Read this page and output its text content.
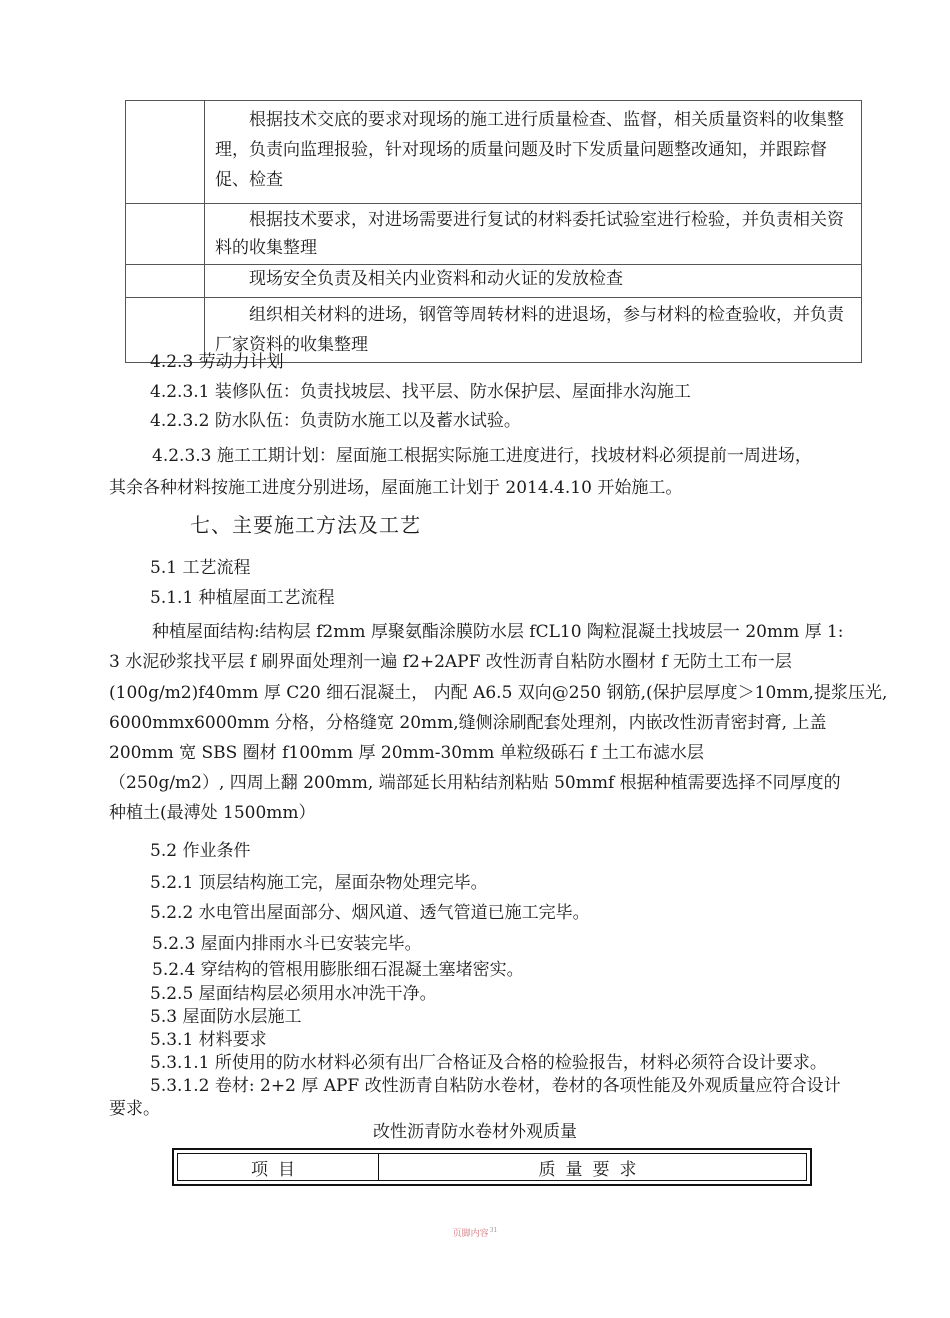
	根据技术交底的要求对现场的施工进行质量检查、监督，相关质量资料的收集整理，负责向监理报验，针对现场的质量问题及时下发质量问题整改通知，并跟踪督促、检查
	根据技术要求，对进场需要进行复试的材料委托试验室进行检验，并负责相关资料的收集整理
	现场安全负责及相关内业资料和动火证的发放检查
	组织相关材料的进场，钢管等周转材料的进退场，参与材料的检查验收，并负责厂家资料的收集整理
4.2.3 劳动力计划
4.2.3.1 装修队伍：负责找坡层、找平层、防水保护层、屋面排水沟施工
4.2.3.2 防水队伍：负责防水施工以及蓄水试验。
4.2.3.3 施工工期计划：屋面施工根据实际施工进度进行，找坡材料必须提前一周进场，
其余各种材料按施工进度分别进场，屋面施工计划于 2014.4.10 开始施工。
七、主要施工方法及工艺
5.1 工艺流程
5.1.1 种植屋面工艺流程
种植屋面结构:结构层 f2mm 厚聚氨酯涂膜防水层 fCL10 陶粒混凝土找坡层一 20mm 厚 1:
3 水泥砂浆找平层 f 刷界面处理剂一遍 f2+2APF 改性沥青自粘防水圈材 f 无防土工布一层
(100g/m2)f40mm 厚 C20 细石混凝土， 内配 A6.5 双向@250 钢筋,(保护层厚度＞10mm,提浆压光,
6000mmx6000mm 分格，分格缝宽 20mm,缝侧涂刷配套处理剂，内嵌改性沥青密封膏, 上盖
200mm 宽 SBS 圈材 f100mm 厚 20mm-30mm 单粒级砾石 f 土工布滤水层
（250g/m2）, 四周上翻 200mm, 端部延长用粘结剂粘贴 50mmf 根据种植需要选择不同厚度的
种植土(最溥处 1500mm）
5.2 作业条件
5.2.1 顶层结构施工完，屋面杂物处理完毕。
5.2.2 水电管出屋面部分、烟风道、透气管道已施工完毕。
5.2.3 屋面内排雨水斗已安装完毕。
5.2.4 穿结构的管根用膨胀细石混凝土塞堵密实。
5.2.5 屋面结构层必须用水冲洗干净。
5.3 屋面防水层施工
5.3.1 材料要求
5.3.1.1 所使用的防水材料必须有出厂合格证及合格的检验报告，材料必须符合设计要求。
5.3.1.2 卷材: 2+2 厚 APF 改性沥青自粘防水卷材，卷材的各项性能及外观质量应符合设计
要求。
改性沥青防水卷材外观质量
项目	质量要求
页脚内容$^{31}$
